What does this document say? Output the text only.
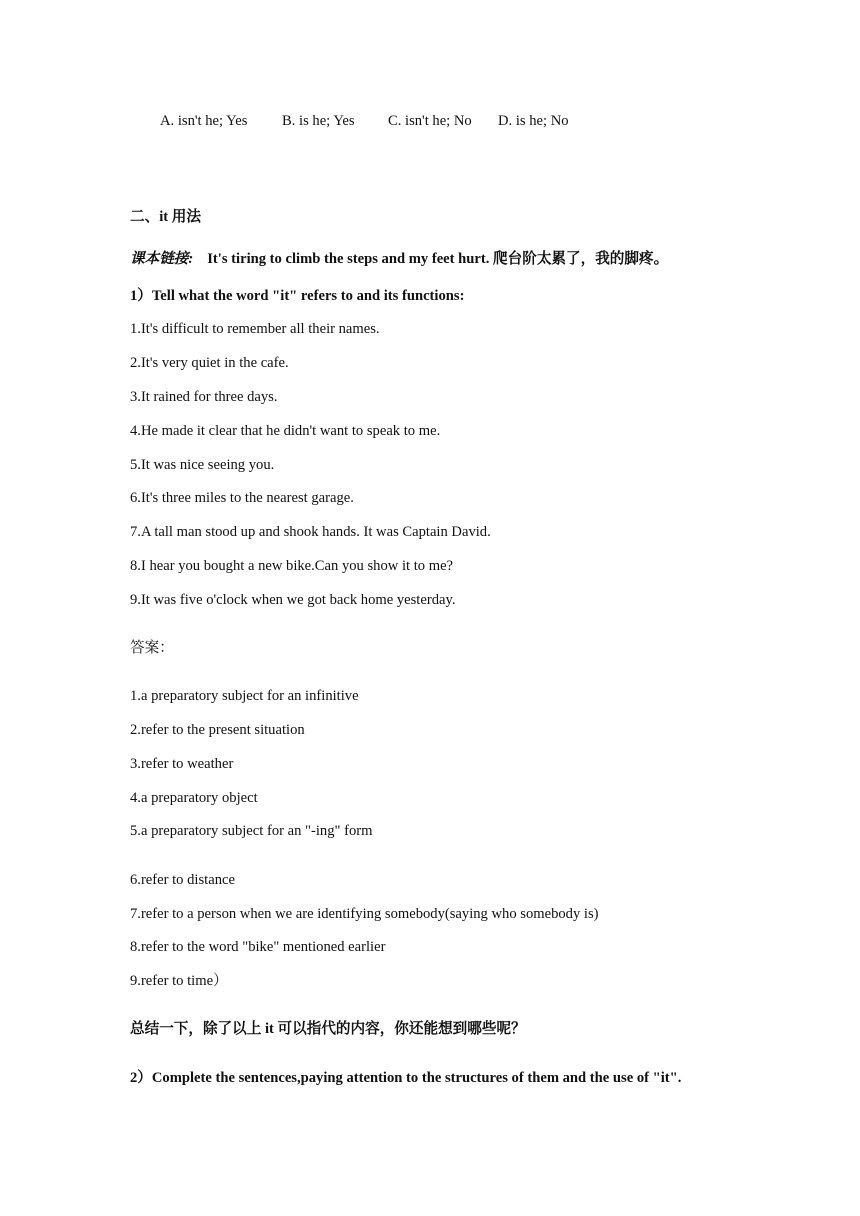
A. isn't he; Yes B. is he; Yes C. isn't he; No D. is he; No
二、it 用法
课本链接: It's tiring to climb the steps and my feet hurt. 爬台阶太累了，我的脚疼。
1）Tell what the word "it" refers to and its functions:
1.It's difficult to remember all their names.
2.It's very quiet in the cafe.
3.It rained for three days.
4.He made it clear that he didn't want to speak to me.
5.It was nice seeing you.
6.It's three miles to the nearest garage.
7.A tall man stood up and shook hands. It was Captain David.
8.I hear you bought a new bike.Can you show it to me?
9.It was five o'clock when we got back home yesterday.
答案：
1.a preparatory subject for an infinitive
2.refer to the present situation
3.refer to weather
4.a preparatory object
5.a preparatory subject for an "-ing" form
6.refer to distance
7.refer to a person when we are identifying somebody(saying who somebody is)
8.refer to the word "bike" mentioned earlier
9.refer to time）
总结一下，除了以上 it 可以指代的内容，你还能想到哪些呢？
2）Complete the sentences,paying attention to the structures of them and the use of "it".
